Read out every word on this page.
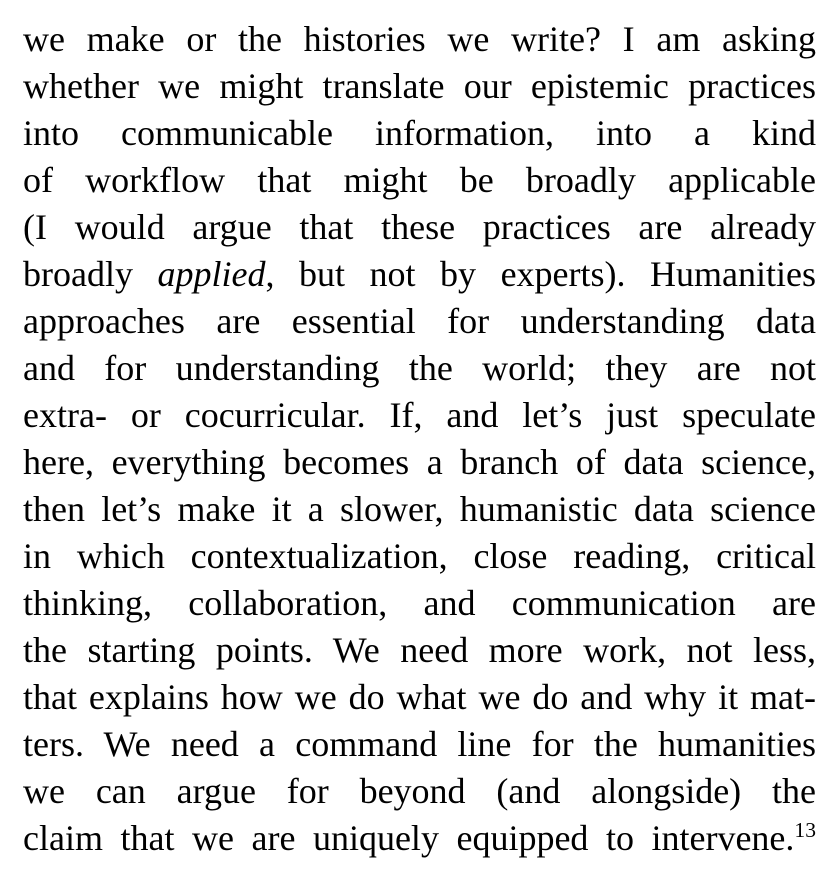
we make or the histories we write? I am asking
whether we might translate our epistemic practices
into communicable information, into a kind
of workflow that might be broadly applicable
(I would argue that these practices are already
broadly applied, but not by experts). Humanities
approaches are essential for understanding data
and for understanding the world; they are not
extra- or cocurricular. If, and let’s just speculate
here, everything becomes a branch of data science,
then let’s make it a slower, humanistic data science
in which contextualization, close reading, critical
thinking, collaboration, and communication are
the starting points. We need more work, not less,
that explains how we do what we do and why it mat-
ters. We need a command line for the humanities
we can argue for beyond (and alongside) the
claim that we are uniquely equipped to intervene.$^{13}$
